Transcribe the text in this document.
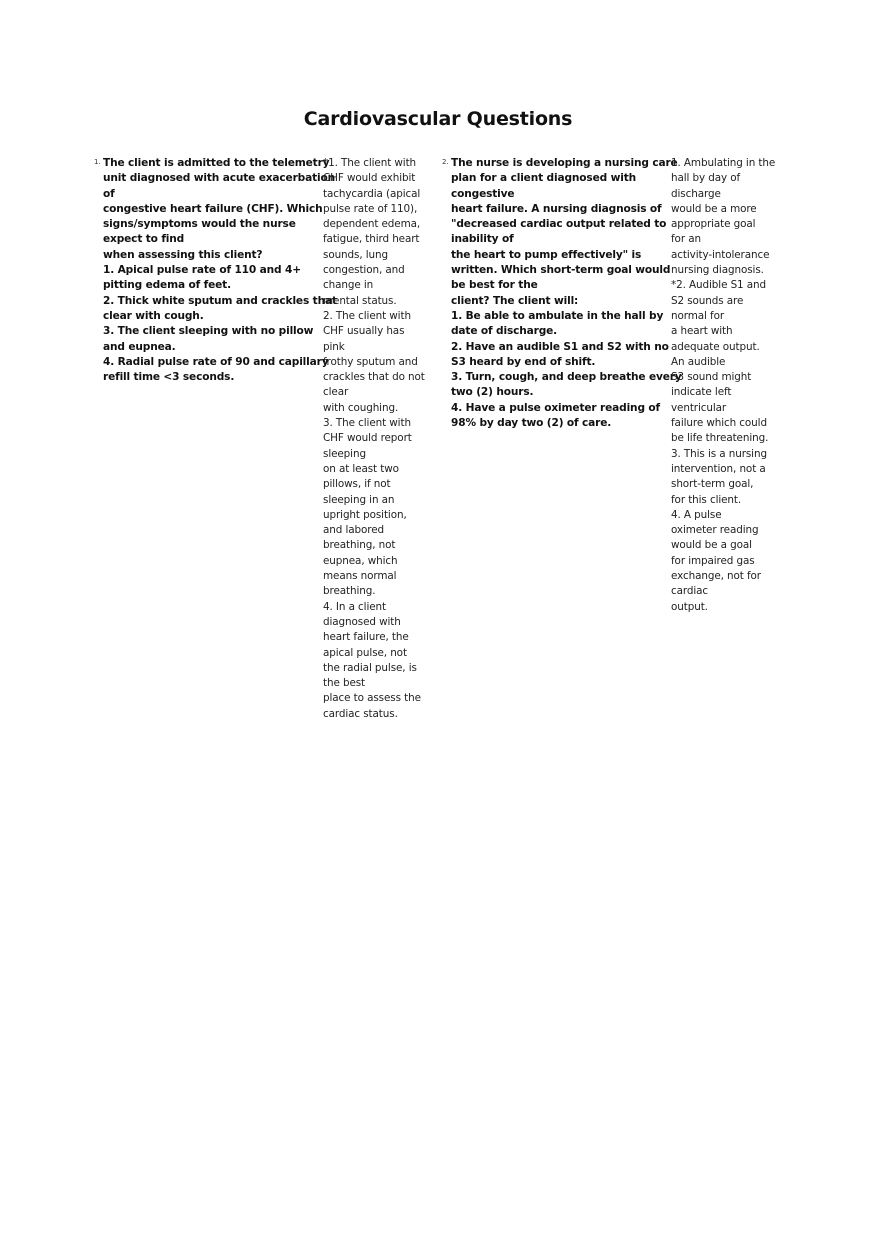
Cardiovascular Questions
1. The client is admitted to the telemetry
unit diagnosed with acute exacerbation
of
congestive heart failure (CHF). Which
signs/symptoms would the nurse
expect to find
when assessing this client?
1. Apical pulse rate of 110 and 4+
pitting edema of feet.
2. Thick white sputum and crackles that
clear with cough.
3. The client sleeping with no pillow
and eupnea.
4. Radial pulse rate of 90 and capillary
refill time <3 seconds.
*1. The client with
CHF would exhibit
tachycardia (apical
pulse rate of 110),
dependent edema,
fatigue, third heart
sounds, lung
congestion, and
change in
mental status.
2. The client with
CHF usually has
pink
frothy sputum and
crackles that do not
clear
with coughing.
3. The client with
CHF would report
sleeping
on at least two
pillows, if not
sleeping in an
upright position,
and labored
breathing, not
eupnea, which
means normal
breathing.
4. In a client
diagnosed with
heart failure, the
apical pulse, not
the radial pulse, is
the best
place to assess the
cardiac status.
2. The nurse is developing a nursing care
plan for a client diagnosed with
congestive
heart failure. A nursing diagnosis of
"decreased cardiac output related to
inability of
the heart to pump effectively" is
written. Which short-term goal would
be best for the
client? The client will:
1. Be able to ambulate in the hall by
date of discharge.
2. Have an audible S1 and S2 with no
S3 heard by end of shift.
3. Turn, cough, and deep breathe every
two (2) hours.
4. Have a pulse oximeter reading of
98% by day two (2) of care.
1. Ambulating in the
hall by day of
discharge
would be a more
appropriate goal
for an
activity-intolerance
nursing diagnosis.
*2. Audible S1 and
S2 sounds are
normal for
a heart with
adequate output.
An audible
S3 sound might
indicate left
ventricular
failure which could
be life threatening.
3. This is a nursing
intervention, not a
short-term goal,
for this client.
4. A pulse
oximeter reading
would be a goal
for impaired gas
exchange, not for
cardiac
output.
